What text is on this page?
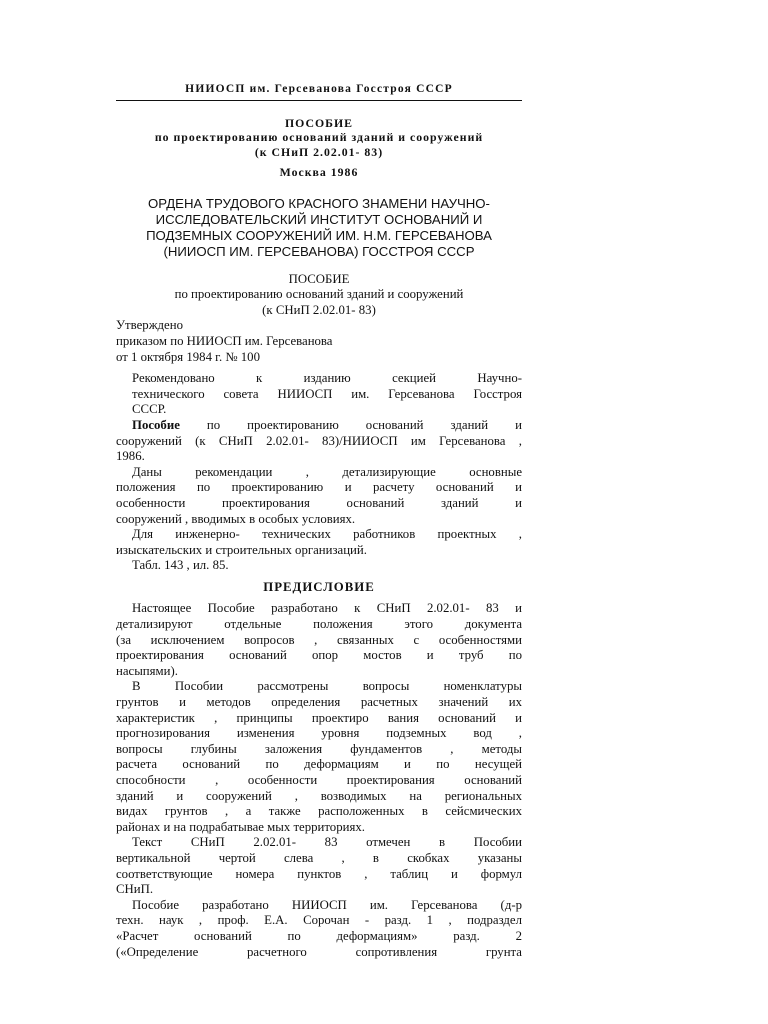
НИИОСП им. Герсеванова Госстроя СССР
ПОСОБИЕ
по проектированию оснований зданий и сооружений
(к СНиП 2.02.01- 83)
Москва 1986
ОРДЕНА ТРУДОВОГО КРАСНОГО ЗНАМЕНИ НАУЧНО-
ИССЛЕДОВАТЕЛЬСКИЙ ИНСТИТУТ ОСНОВАНИЙ И
ПОДЗЕМНЫХ СООРУЖЕНИЙ ИМ. Н.М. ГЕРСЕВАНОВА
(НИИОСП ИМ. ГЕРСЕВАНОВА) ГОССТРОЯ СССР
ПОСОБИЕ
по проектированию оснований зданий и сооружений
(к СНиП 2.02.01- 83)
Утверждено
приказом по НИИОСП им. Герсеванова
от 1 октября 1984 г. № 100
Рекомендовано к изданию секцией Научно-
технического совета НИИОСП им. Герсеванова Госстроя
СССР.
Пособие по проектированию оснований зданий и
сооружений (к СНиП 2.02.01- 83)/НИИОСП им Герсеванова ,
1986.
Даны рекомендации , детализирующие основные
положения по проектированию и расчету оснований и
особенности проектирования оснований зданий и
сооружений , вводимых в особых условиях.
Для инженерно- технических работников проектных ,
изыскательских и строительных организаций.
Табл. 143 , ил. 85.
ПРЕДИСЛОВИЕ
Настоящее Пособие разработано к СНиП 2.02.01- 83 и
детализируют отдельные положения этого документа
(за исключением вопросов , связанных с особенностями
проектирования оснований опор мостов и труб по
насыпями).
В Пособии рассмотрены вопросы номенклатуры
грунтов и методов определения расчетных значений их
характеристик , принципы проектиро вания оснований и
прогнозирования изменения уровня подземных вод ,
вопросы глубины заложения фундаментов , методы
расчета оснований по деформациям и по несущей
способности , особенности проектирования оснований
зданий и сооружений , возводимых на региональных
видах грунтов , а также расположенных в сейсмических
районах и на подрабатывае мых территориях.
Текст СНиП 2.02.01- 83 отмечен в Пособии
вертикальной чертой слева , в скобках указаны
соответствующие номера пунктов , таблиц и формул
СНиП.
Пособие разработано НИИОСП им. Герсеванова (д-р
техн. наук , проф. Е.А. Сорочан - разд. 1 , подраздел
«Расчет оснований по деформациям» разд. 2
(«Определение расчетного сопротивления грунта
